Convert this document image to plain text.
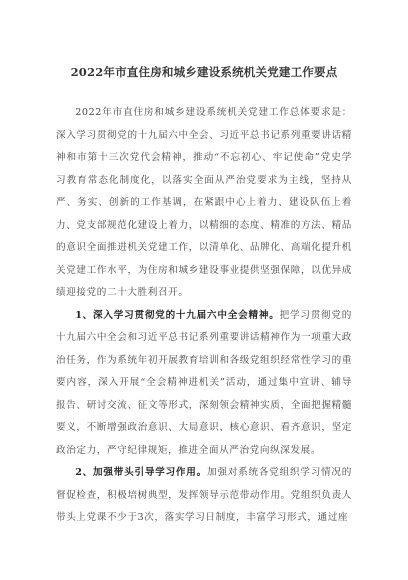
2022年市直住房和城乡建设系统机关党建工作要点

2022年市直住房和城乡建设系统机关党建工作总体要求是：深入学习贯彻党的十九届六中全会、习近平总书记系列重要讲话精神和市第十三次党代会精神，推动“不忘初心、牢记使命”党史学习教育常态化制度化，以落实全面从严治党要求为主线，坚持从严、务实、创新的工作基调，在紧跟中心上着力、建设队伍上着力、党支部规范化建设上着力，以精细的态度、精准的方法、精品的意识全面推进机关党建工作，以清单化、品牌化、高端化提升机关党建工作水平，为住房和城乡建设事业提供坚强保障，以优异成绩迎接党的二十大胜利召开。

1、深入学习贯彻党的十九届六中全会精神。把学习贯彻党的十九届六中全会和习近平总书记系列重要讲话精神作为一项重大政治任务，作为系统年初开展教育培训和各级党组织经常性学习的重要内容，深入开展“全会精神进机关”活动，通过集中宣讲、辅导报告、研讨交流、征文等形式，深刻领会精神实质，全面把握精髓要义，不断增强政治意识、大局意识、核心意识、看齐意识，坚定政治定力，严守纪律规矩，推进全面从严治党向纵深发展。

2、加强带头引导学习作用。加强对系统各党组织学习情况的督促检查，积极培树典型，发挥领导示范带动作用。党组织负责人带头上党课不少于3次，落实学习日制度，丰富学习形式，通过座
